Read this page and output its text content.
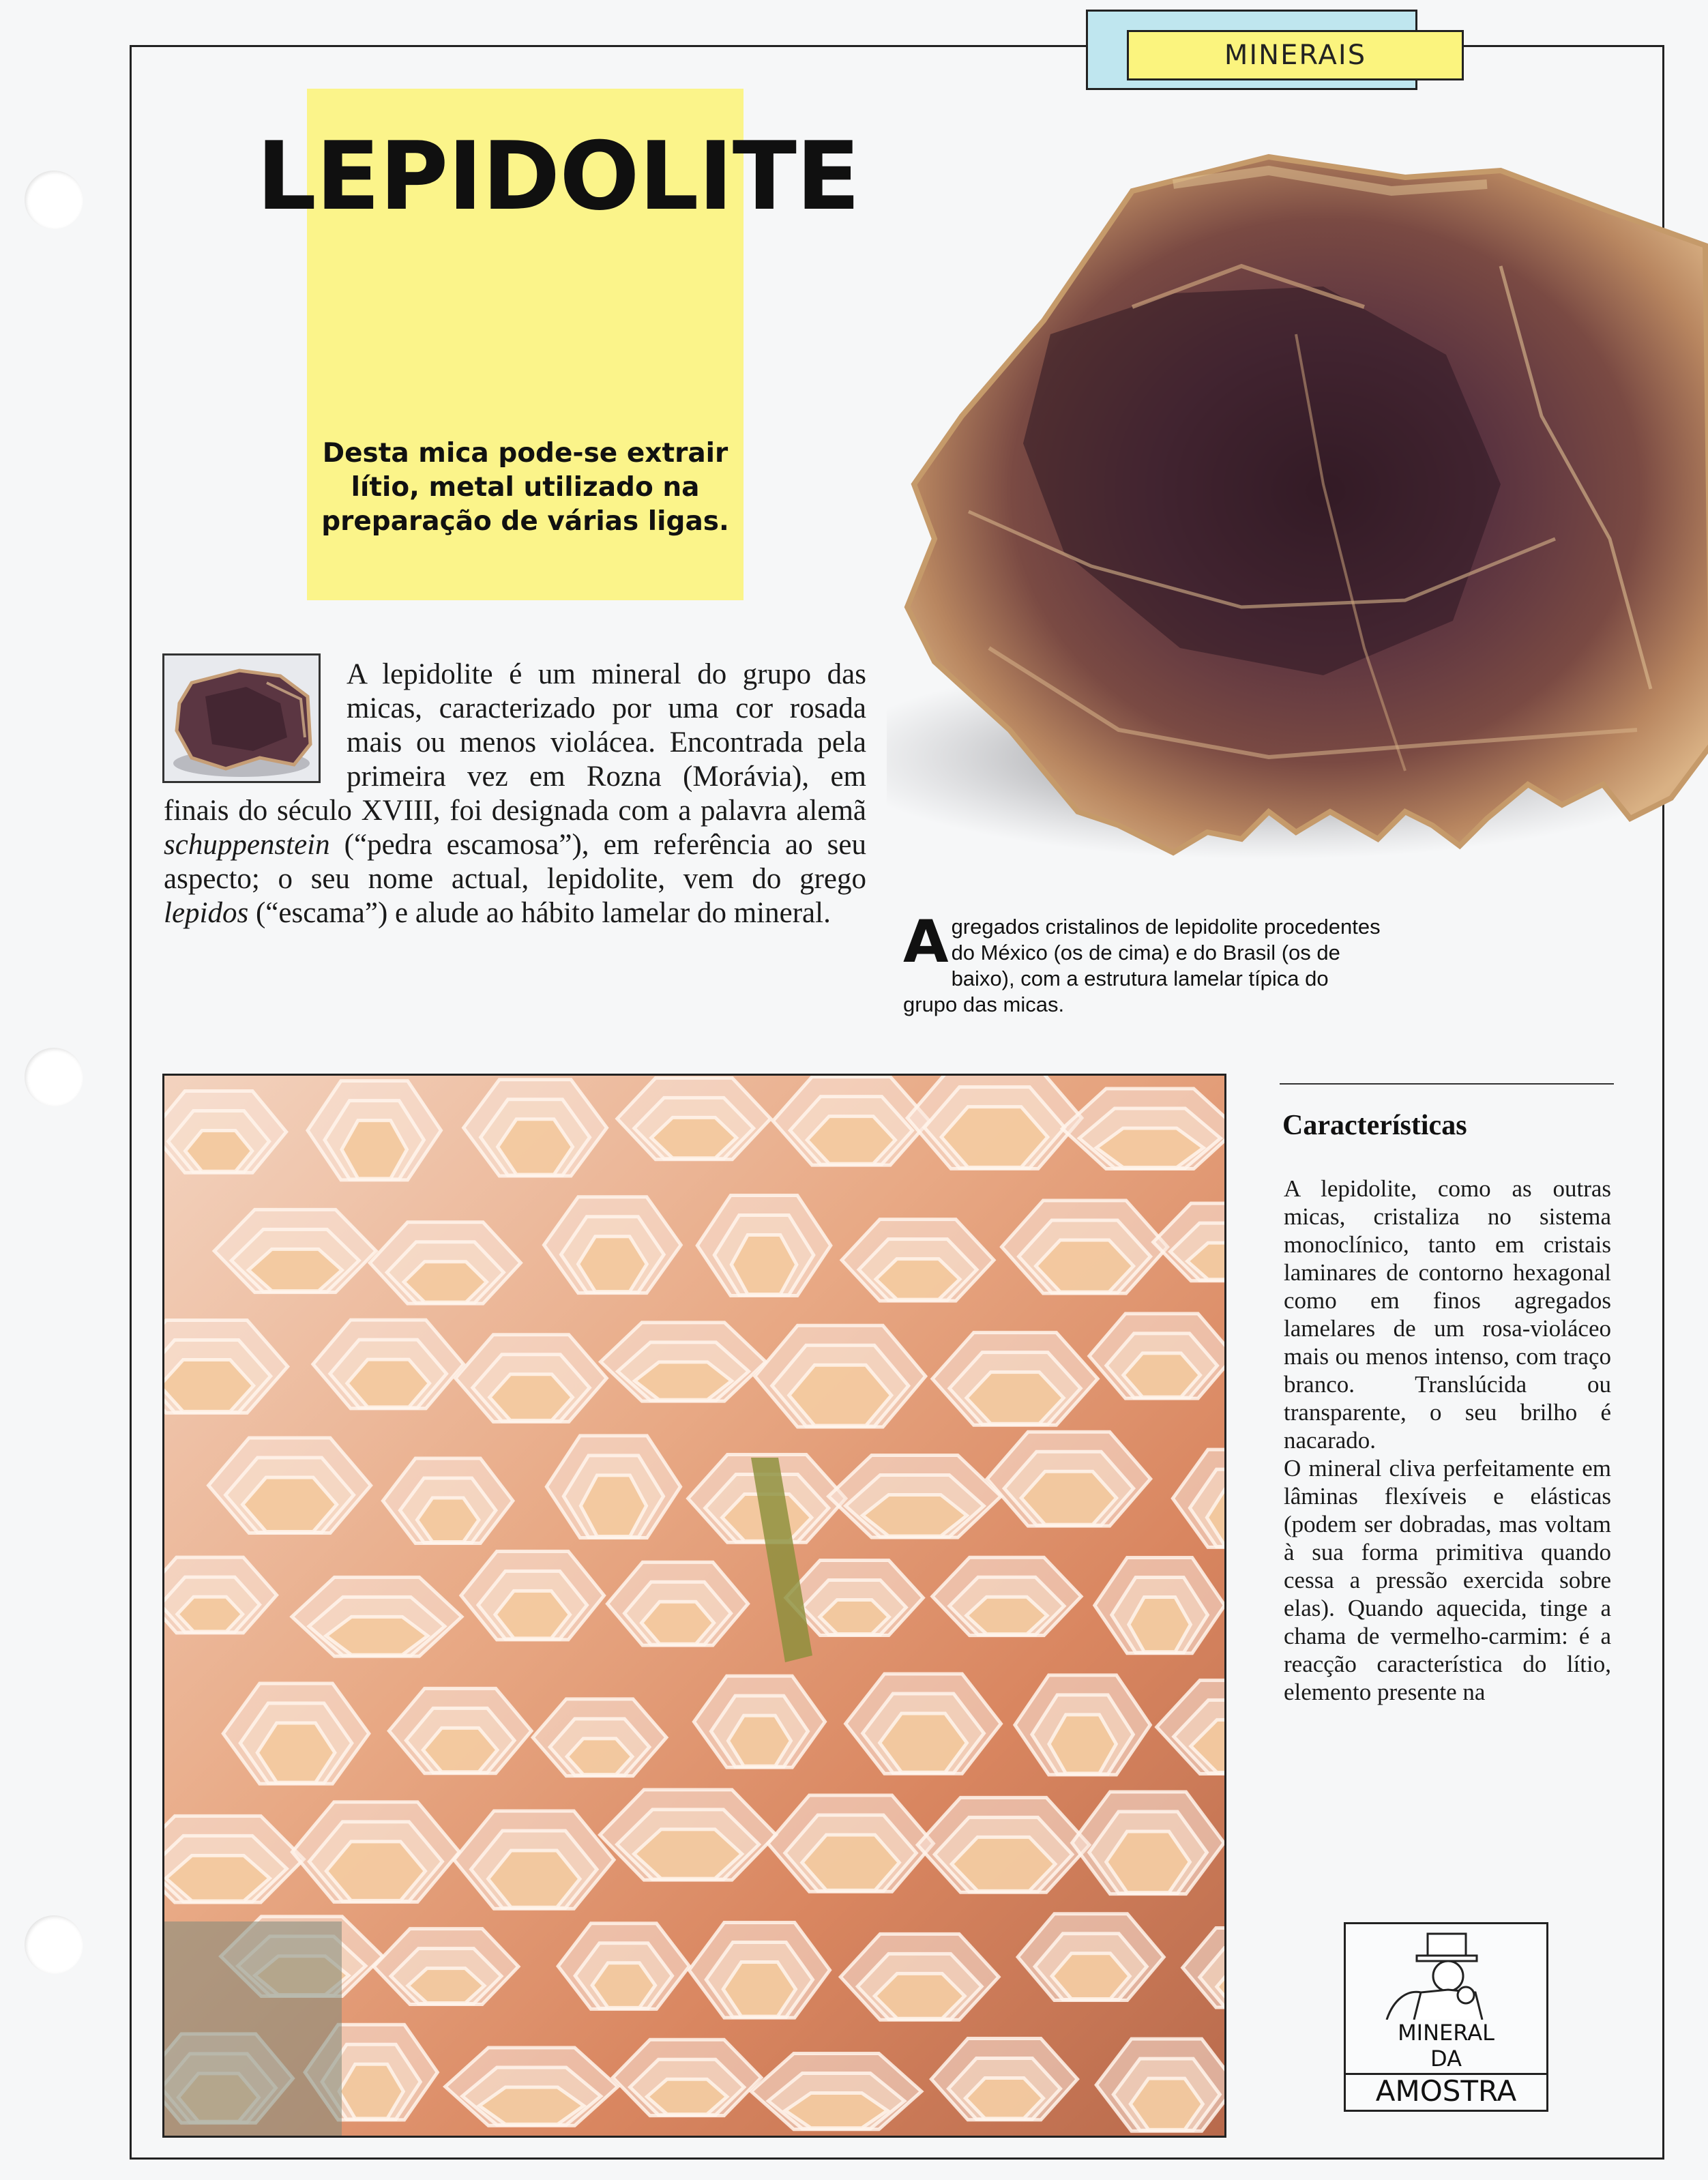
MINERAIS
LEPIDOLITE
Desta mica pode-se extrair lítio, metal utilizado na preparação de várias ligas.
Agregados cristalinos de lepidolite procedentes do México (os de cima) e do Brasil (os de baixo), com a estrutura lamelar típica do grupo das micas.
A lepidolite é um mineral do grupo das micas, caracterizado por uma cor rosada mais ou menos violácea. Encontrada pela primeira vez em Rozna (Morávia), em finais do século XVIII, foi designada com a palavra alemã schuppenstein (“pedra escamosa”), em referência ao seu aspecto; o seu nome actual, lepidolite, vem do grego lepidos (“escama”) e alude ao hábito lamelar do mineral.
Características

A lepidolite, como as outras micas, cristaliza no sistema monoclínico, tanto em cristais laminares de contorno hexagonal como em finos agregados lamelares de um rosa-violáceo mais ou menos intenso, com traço branco. Translúcida ou transparente, o seu brilho é nacarado.

O mineral cliva perfeitamente em lâminas flexíveis e elásticas (podem ser dobradas, mas voltam à sua forma primitiva quando cessa a pressão exercida sobre elas). Quando aquecida, tinge a chama de vermelho-carmim: é a reacção característica do lítio, elemento presente na

MINERAL
DA
AMOSTRA
